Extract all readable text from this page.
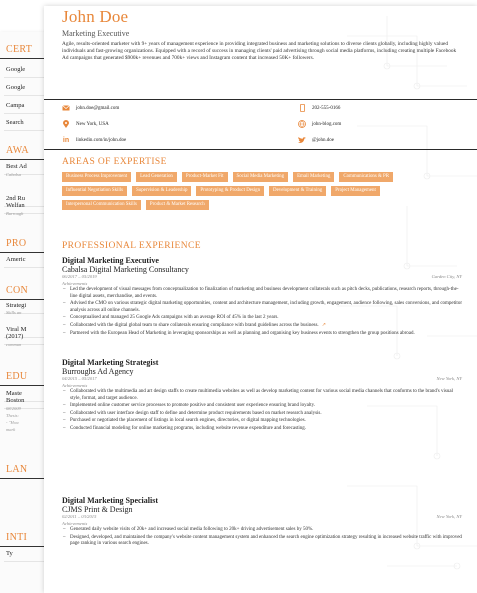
CERT
Google
Google
Campa
Search
AWA
Best Ad
Cabalsa
2nd Ru
Welfan
Burrough
PRO
Americ
CON
Strategi
Skills an
Viral M
(2017)
commun
EDU
Maste
Boston
08/2009
Thesis:
- "How
mark
LAN
INTI
Ty
John Doe
Marketing Executive
Agile, results-oriented marketer with 9+ years of management experience in providing integrated business and marketing solutions to diverse clients globally, including highly valued individuals and fast-growing organizations. Equipped with a record of success in managing clients' paid advertising through social media platforms, including creating multiple Facebook Ad campaigns that generated $900k+ revenues and 700k+ views and Instagram content that increased 50K+ followers.
john.doe@gmail.com	202-555-0166
New York, USA	john-blog.com
in linkedin.com/in/john.doe	@john.doe
AREAS OF EXPERTISE
Business Process Improvement	Lead Generation	Product-Market Fit	Social Media Marketing	Email Marketing	Communications & PR
Influential Negotiation Skills	Supervision & Leadership	Prototyping & Product Design	Development & Training	Project Management
Interpersonal Communication Skills	Product & Market Research
PROFESSIONAL EXPERIENCE
Digital Marketing Executive
Cabalsa Digital Marketing Consultancy
06/2017 – 05/2019	Garden City, NY
Achievements
– Led the development of visual messages from conceptualization to finalization of marketing and business development collaterals such as pitch decks, publications, research reports, through-the-line digital assets, merchandise, and events.
– Advised the CMO on various strategic digital marketing opportunities, content and architecture management, including growth, engagement, audience following, sales conversions, and competitor analysis across all online channels.
– Conceptualised and managed 25 Google Ads campaigns with an average ROI of 45% in the last 2 years.
– Collaborated with the digital global team to share collaterals ensuring compliance with brand guidelines across the business. ↗
– Partnered with the European Head of Marketing in leveraging sponsorships as well as planning and organising key business events to strengthen the group positions abroad.
Digital Marketing Strategist
Burroughs Ad Agency
04/2015 – 05/2017	New York, NY
Achievements
– Collaborated with the multimedia and art design staffs to create multimedia websites as well as develop marketing content for various social media channels that conforms to the brand's visual style, format, and target audience.
– Implemented online customer service processes to promote positive and consistent user experience ensuring brand loyalty.
– Collaborated with user interface design staff to define and determine product requirements based on market research analysis.
– Purchased or negotiated the placement of listings in local search engines, directories, or digital mapping technologies.
– Conducted financial modeling for online marketing programs, including website revenue expenditure and forecasting.
Digital Marketing Specialist
CJMS Print & Design
02/2011 – 03/2015	New York, NY
Achievements
– Generated daily website visits of 20k+ and increased social media following to 20k+ driving advertisement sales by 50%.
– Designed, developed, and maintained the company's website content management system and enhanced the search engine optimization strategy resulting in increased website traffic with improved page ranking in various search engines.
